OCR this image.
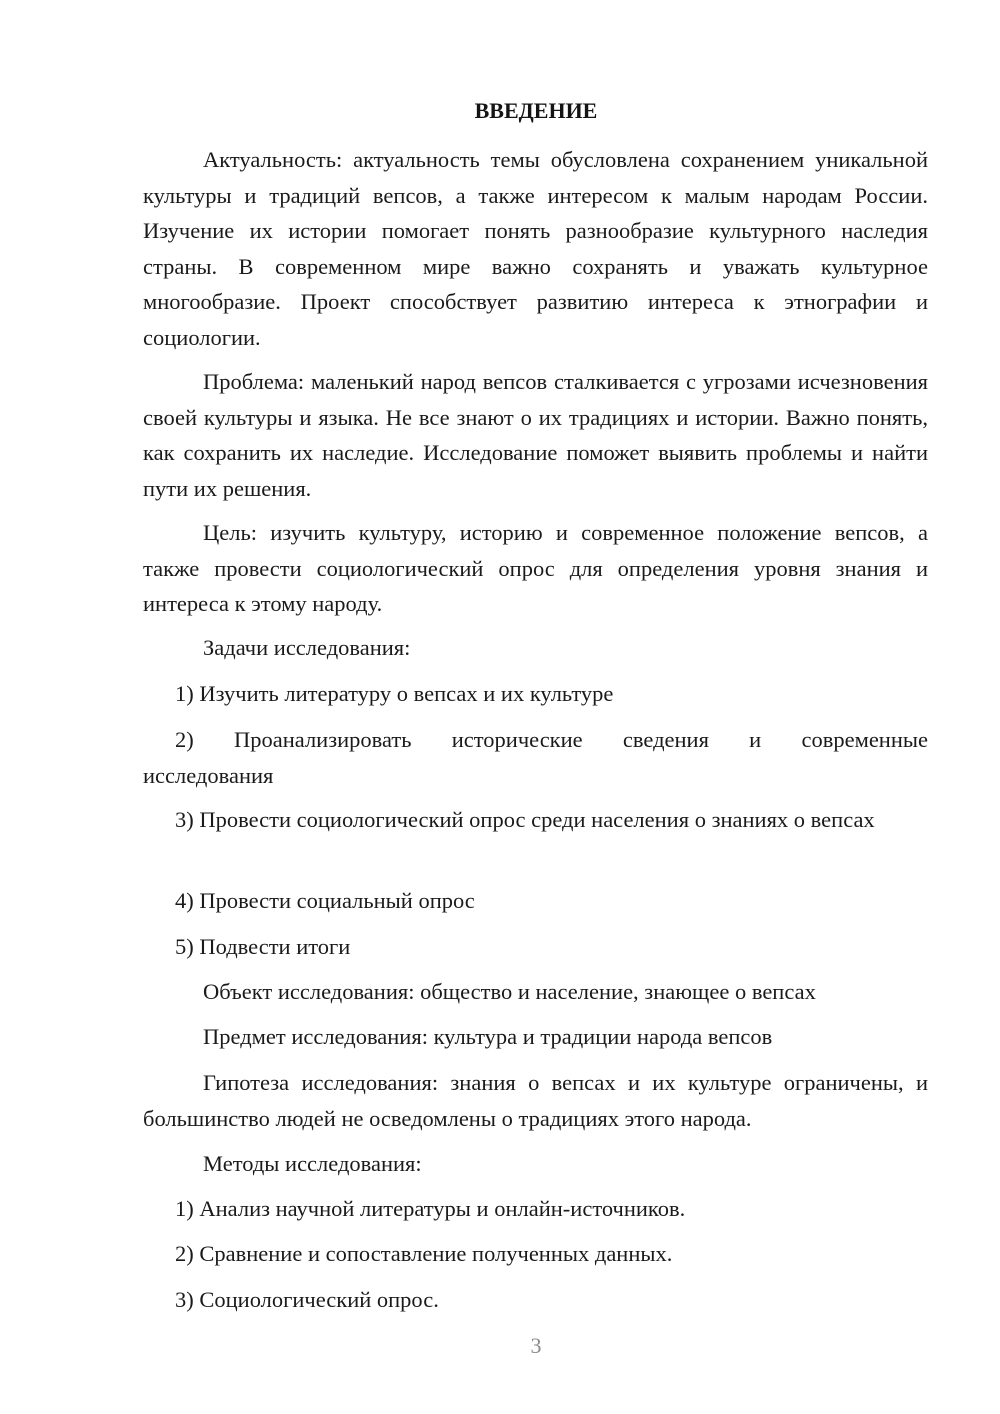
ВВЕДЕНИЕ

Актуальность: актуальность темы обусловлена сохранением уникальной культуры и традиций вепсов, а также интересом к малым народам России. Изучение их истории помогает понять разнообразие культурного наследия страны. В современном мире важно сохранять и уважать культурное многообразие. Проект способствует развитию интереса к этнографии и социологии.

Проблема: маленький народ вепсов сталкивается с угрозами исчезновения своей культуры и языка. Не все знают о их традициях и истории. Важно понять, как сохранить их наследие. Исследование поможет выявить проблемы и найти пути их решения.

Цель: изучить культуру, историю и современное положение вепсов, а также провести социологический опрос для определения уровня знания и интереса к этому народу.

Задачи исследования:

1) Изучить литературу о вепсах и их культуре

2) Проанализировать исторические сведения и современные исследования

3) Провести социологический опрос среди населения о знаниях о вепсах

4) Провести социальный опрос

5) Подвести итоги

Объект исследования: общество и население, знающее о вепсах

Предмет исследования: культура и традиции народа вепсов

Гипотеза исследования: знания о вепсах и их культуре ограничены, и большинство людей не осведомлены о традициях этого народа.

Методы исследования:

1) Анализ научной литературы и онлайн-источников.

2) Сравнение и сопоставление полученных данных.

3) Социологический опрос.

3
